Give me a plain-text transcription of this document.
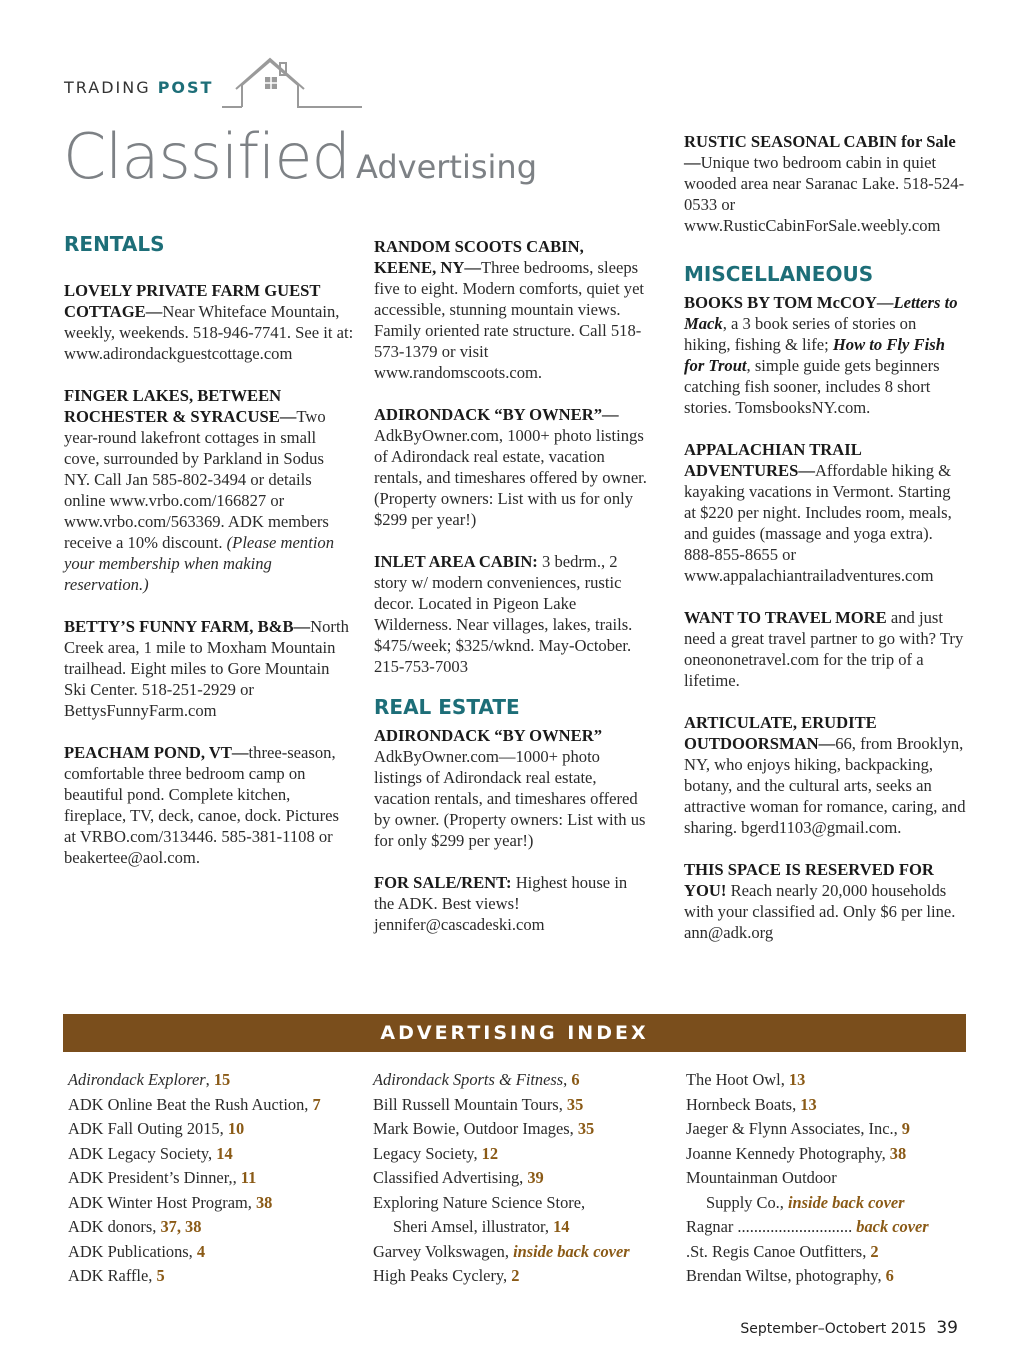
TRADING POST
Classified Advertising
RENTALS

LOVELY PRIVATE FARM GUEST COTTAGE—Near Whiteface Mountain, weekly, weekends. 518-946-7741. See it at: www.adirondackguestcottage.com

FINGER LAKES, BETWEEN ROCHESTER & SYRACUSE—Two year-round lakefront cottages in small cove, surrounded by Parkland in Sodus NY. Call Jan 585-802-3494 or details online www.vrbo.com/166827 or www.vrbo.com/563369. ADK members receive a 10% discount. (Please mention your membership when making reservation.)

BETTY’S FUNNY FARM, B&B—North Creek area, 1 mile to Moxham Mountain trailhead. Eight miles to Gore Mountain Ski Center. 518-251-2929 or BettysFunnyFarm.com

PEACHAM POND, VT—three-season, comfortable three bedroom camp on beautiful pond. Complete kitchen, fireplace, TV, deck, canoe, dock. Pictures at VRBO.com/313446. 585-381-1108 or beakertee@aol.com.

RANDOM SCOOTS CABIN, KEENE, NY—Three bedrooms, sleeps five to eight. Modern comforts, quiet yet accessible, stunning mountain views. Family oriented rate structure. Call 518-573-1379 or visit www.randomscoots.com.

ADIRONDACK “BY OWNER”—AdkByOwner.com, 1000+ photo listings of Adirondack real estate, vacation rentals, and timeshares offered by owner. (Property owners: List with us for only $299 per year!)

INLET AREA CABIN: 3 bedrm., 2 story w/ modern conveniences, rustic decor. Located in Pigeon Lake Wilderness. Near villages, lakes, trails. $475/week; $325/wknd. May-October. 215-753-7003

REAL ESTATE

ADIRONDACK “BY OWNER” AdkByOwner.com—1000+ photo listings of Adirondack real estate, vacation rentals, and timeshares offered by owner. (Property owners: List with us for only $299 per year!)

FOR SALE/RENT: Highest house in the ADK. Best views! jennifer@cascadeski.com

RUSTIC SEASONAL CABIN for Sale—Unique two bedroom cabin in quiet wooded area near Saranac Lake. 518-524-0533 or www.RusticCabinForSale.weebly.com

MISCELLANEOUS

BOOKS BY TOM McCOY—Letters to Mack, a 3 book series of stories on hiking, fishing & life; How to Fly Fish for Trout, simple guide gets beginners catching fish sooner, includes 8 short stories. TomsbooksNY.com.

APPALACHIAN TRAIL ADVENTURES—Affordable hiking & kayaking vacations in Vermont. Starting at $220 per night. Includes room, meals, and guides (massage and yoga extra). 888-855-8655 or www.appalachiantrailadventures.com

WANT TO TRAVEL MORE and just need a great travel partner to go with? Try oneononetravel.com for the trip of a lifetime.

ARTICULATE, ERUDITE OUTDOORSMAN—66, from Brooklyn, NY, who enjoys hiking, backpacking, botany, and the cultural arts, seeks an attractive woman for romance, caring, and sharing. bgerd1103@gmail.com.

THIS SPACE IS RESERVED FOR YOU! Reach nearly 20,000 households with your classified ad. Only $6 per line. ann@adk.org

ADVERTISING INDEX
Adirondack Explorer, 15
ADK Online Beat the Rush Auction, 7
ADK Fall Outing 2015, 10
ADK Legacy Society, 14
ADK President’s Dinner,, 11
ADK Winter Host Program, 38
ADK donors, 37, 38
ADK Publications, 4
ADK Raffle, 5
Adirondack Sports & Fitness, 6
Bill Russell Mountain Tours, 35
Mark Bowie, Outdoor Images, 35
Legacy Society, 12
Classified Advertising, 39
Exploring Nature Science Store,
Sheri Amsel, illustrator, 14
Garvey Volkswagen, inside back cover
High Peaks Cyclery, 2
The Hoot Owl, 13
Hornbeck Boats, 13
Jaeger & Flynn Associates, Inc., 9
Joanne Kennedy Photography, 38
Mountainman Outdoor
Supply Co., inside back cover
Ragnar ............................ back cover
.St. Regis Canoe Outfitters, 2
Brendan Wiltse, photography, 6
September–Octobert 2015 39
